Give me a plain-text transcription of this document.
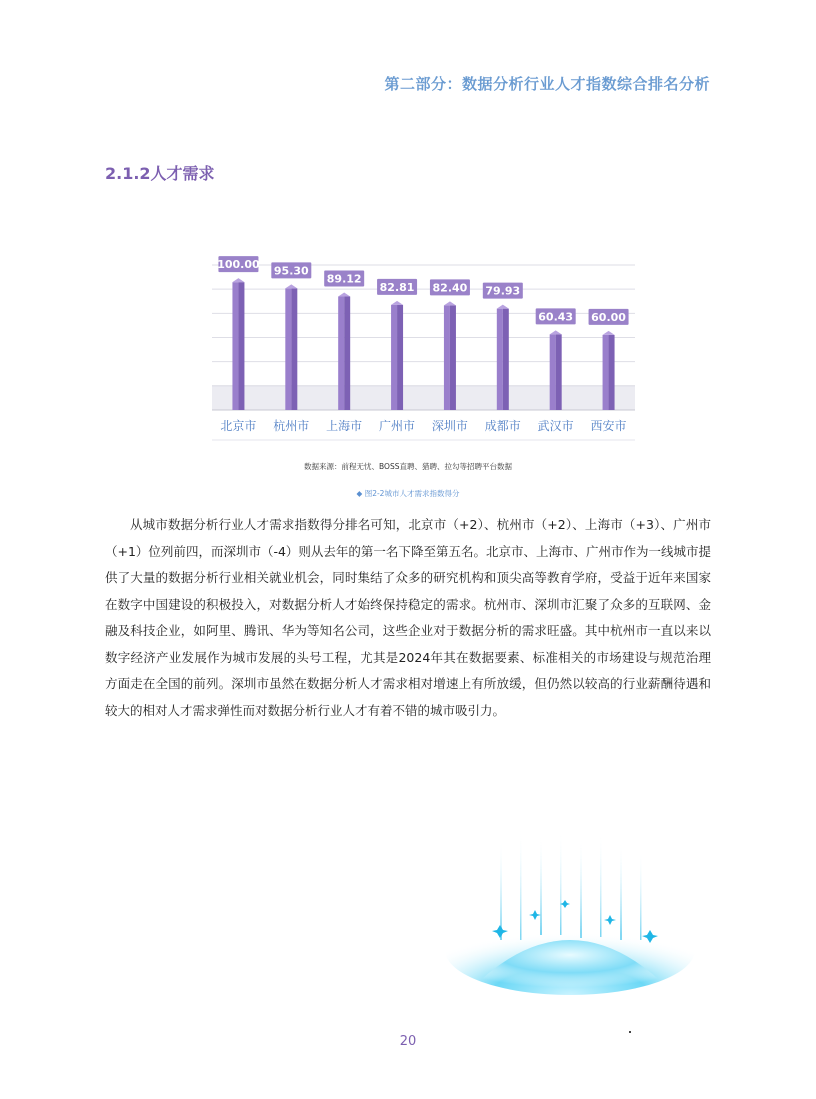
第二部分：数据分析行业人才指数综合排名分析
2.1.2人才需求
100.00
北京市
95.30
杭州市
89.12
上海市
82.81
广州市
82.40
深圳市
79.93
成都市
60.43
武汉市
60.00
西安市
数据来源：前程无忧、BOSS直聘、猎聘、拉勾等招聘平台数据
◆ 图2-2城市人才需求指数得分

从城市数据分析行业人才需求指数得分排名可知，北京市（+2）、杭州市（+2）、上海市（+3）、广州市（+1）位列前四，而深圳市（-4）则从去年的第一名下降至第五名。北京市、上海市、广州市作为一线城市提供了大量的数据分析行业相关就业机会，同时集结了众多的研究机构和顶尖高等教育学府，受益于近年来国家在数字中国建设的积极投入，对数据分析人才始终保持稳定的需求。杭州市、深圳市汇聚了众多的互联网、金融及科技企业，如阿里、腾讯、华为等知名公司，这些企业对于数据分析的需求旺盛。其中杭州市一直以来以数字经济产业发展作为城市发展的头号工程，尤其是2024年其在数据要素、标准相关的市场建设与规范治理方面走在全国的前列。深圳市虽然在数据分析人才需求相对增速上有所放缓，但仍然以较高的行业薪酬待遇和较大的相对人才需求弹性而对数据分析行业人才有着不错的城市吸引力。

20
